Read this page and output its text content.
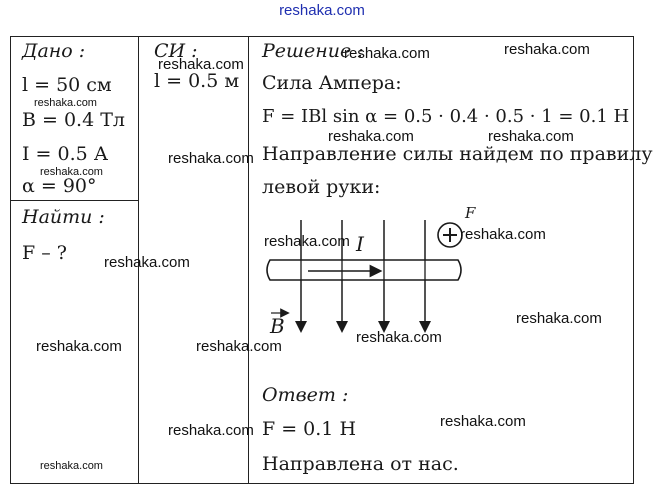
reshaka.com
Дано :
l = 50 см
B = 0.4 Тл
I = 0.5 А
α = 90°
Найти :
F – ?
СИ :
l = 0.5 м
Решение :
Сила Ампера:
F = IBl sin α = 0.5 · 0.4 · 0.5 · 1 = 0.1 Н
Направление силы найдем по правилу
левой руки:
I
F
B
Ответ :
F = 0.1 Н
Направлена от нас.
reshaka.com
reshaka.com
reshaka.com
reshaka.com	reshaka.com
reshaka.com	reshaka.com
reshaka.com
reshaka.com	reshaka.com
reshaka.com
reshaka.com
reshaka.com
reshaka.com	reshaka.com
reshaka.com
reshaka.com
reshaka.com
